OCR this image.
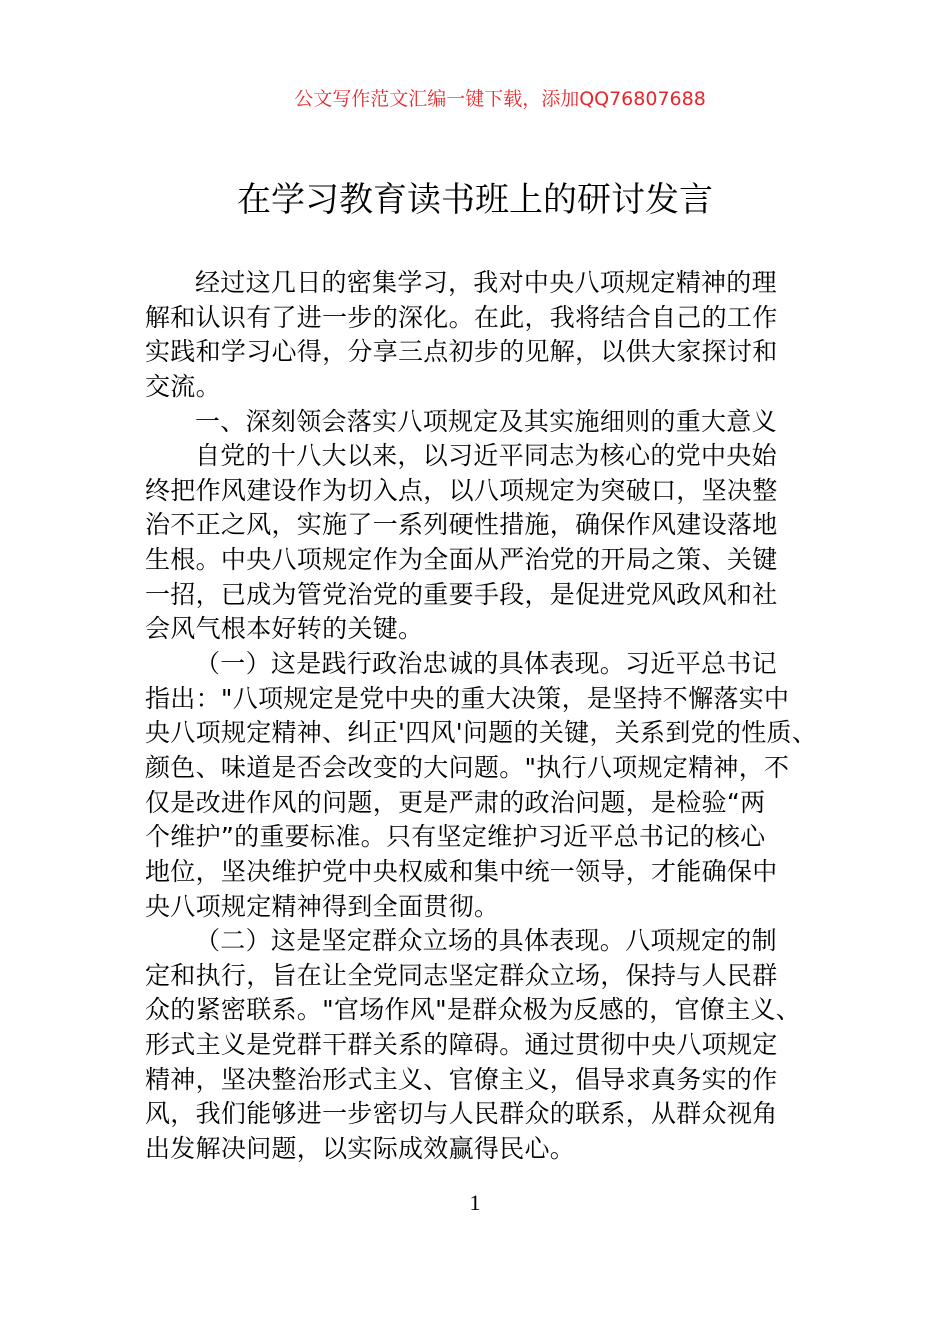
公文写作范文汇编一键下载，添加QQ76807688
在学习教育读书班上的研讨发言
经过这几日的密集学习，我对中央八项规定精神的理
解和认识有了进一步的深化。在此，我将结合自己的工作
实践和学习心得，分享三点初步的见解，以供大家探讨和
交流。
一、深刻领会落实八项规定及其实施细则的重大意义
自党的十八大以来，以习近平同志为核心的党中央始
终把作风建设作为切入点，以八项规定为突破口，坚决整
治不正之风，实施了一系列硬性措施，确保作风建设落地
生根。中央八项规定作为全面从严治党的开局之策、关键
一招，已成为管党治党的重要手段，是促进党风政风和社
会风气根本好转的关键。
（一）这是践行政治忠诚的具体表现。习近平总书记
指出："八项规定是党中央的重大决策，是坚持不懈落实中
央八项规定精神、纠正'四风'问题的关键，关系到党的性质、
颜色、味道是否会改变的大问题。"执行八项规定精神，不
仅是改进作风的问题，更是严肃的政治问题，是检验“两
个维护”的重要标准。只有坚定维护习近平总书记的核心
地位，坚决维护党中央权威和集中统一领导，才能确保中
央八项规定精神得到全面贯彻。
（二）这是坚定群众立场的具体表现。八项规定的制
定和执行，旨在让全党同志坚定群众立场，保持与人民群
众的紧密联系。"官场作风"是群众极为反感的，官僚主义、
形式主义是党群干群关系的障碍。通过贯彻中央八项规定
精神，坚决整治形式主义、官僚主义，倡导求真务实的作
风，我们能够进一步密切与人民群众的联系，从群众视角
出发解决问题，以实际成效赢得民心。
1
